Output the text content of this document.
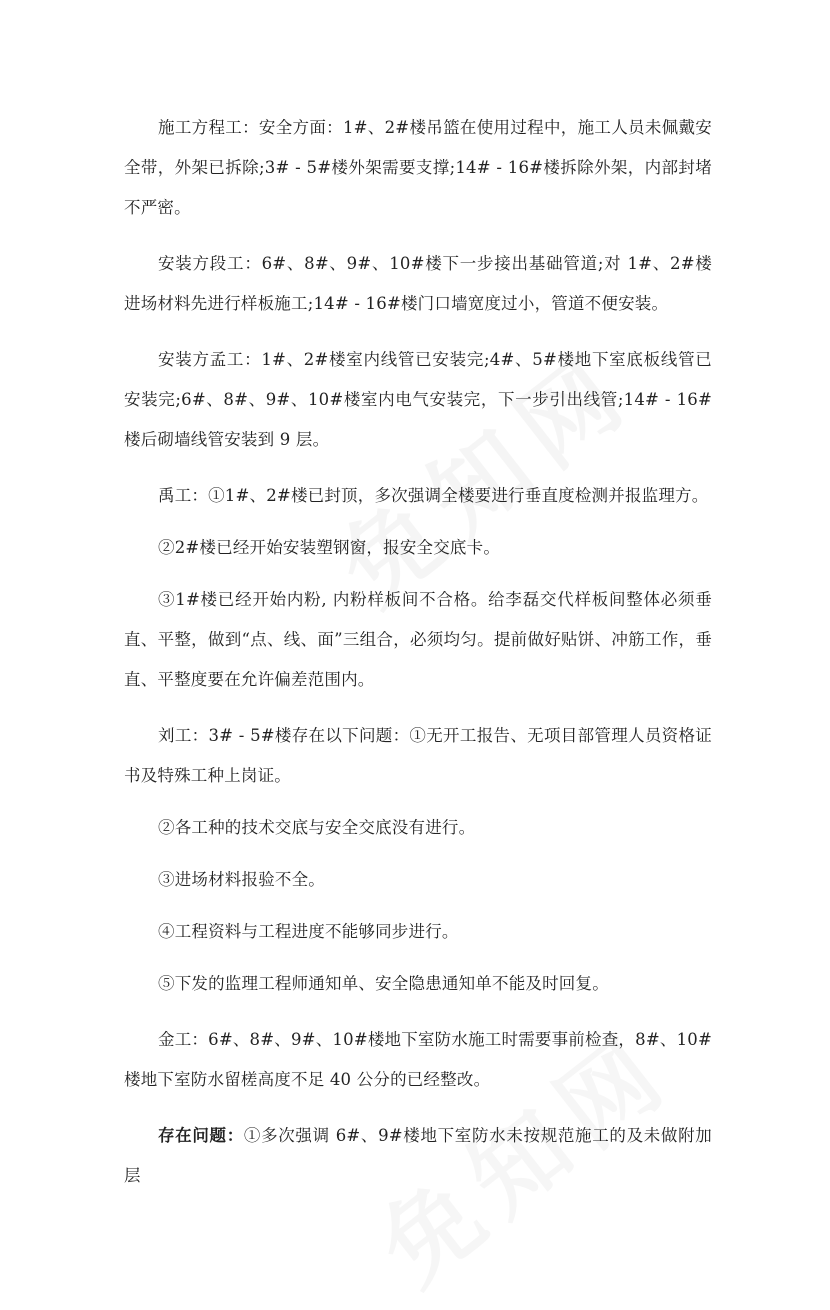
施工方程工：安全方面：1#、2#楼吊篮在使用过程中，施工人员未佩戴安全带，外架已拆除;3# - 5#楼外架需要支撑;14# - 16#楼拆除外架，内部封堵不严密。

安装方段工：6#、8#、9#、10#楼下一步接出基础管道;对 1#、2#楼进场材料先进行样板施工;14# - 16#楼门口墙宽度过小，管道不便安装。

安装方孟工：1#、2#楼室内线管已安装完;4#、5#楼地下室底板线管已安装完;6#、8#、9#、10#楼室内电气安装完，下一步引出线管;14# - 16#楼后砌墙线管安装到 9 层。

禹工：①1#、2#楼已封顶，多次强调全楼要进行垂直度检测并报监理方。

②2#楼已经开始安装塑钢窗，报安全交底卡。

③1#楼已经开始内粉, 内粉样板间不合格。给李磊交代样板间整体必须垂直、平整，做到“点、线、面”三组合，必须均匀。提前做好贴饼、冲筋工作，垂直、平整度要在允许偏差范围内。

刘工：3# - 5#楼存在以下问题：①无开工报告、无项目部管理人员资格证书及特殊工种上岗证。

②各工种的技术交底与安全交底没有进行。

③进场材料报验不全。

④工程资料与工程进度不能够同步进行。

⑤下发的监理工程师通知单、安全隐患通知单不能及时回复。

金工：6#、8#、9#、10#楼地下室防水施工时需要事前检查，8#、10#楼地下室防水留槎高度不足 40 公分的已经整改。

存在问题：①多次强调 6#、9#楼地下室防水未按规范施工的及未做附加层
